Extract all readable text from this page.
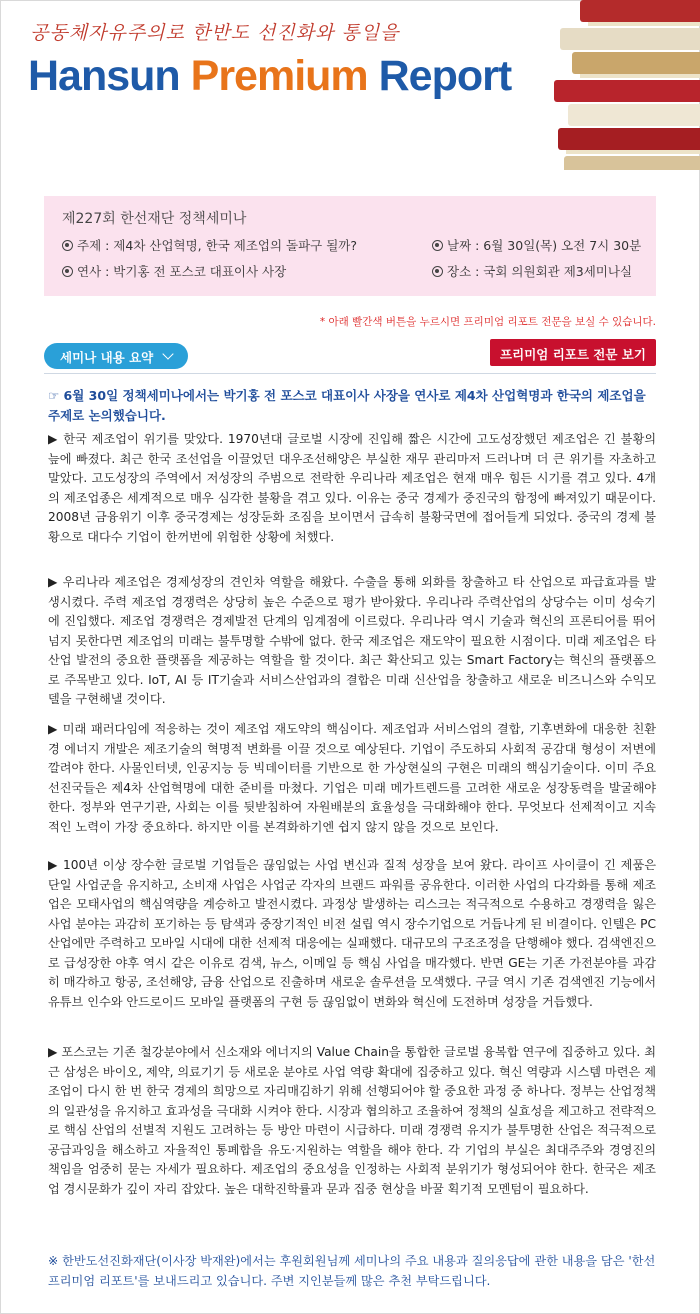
공동체자유주의로 한반도 선진화와 통일을
Hansun Premium Report
제227회 한선재단 정책세미나
주제 : 제4차 산업혁명, 한국 제조업의 돌파구 될까?
연사 : 박기홍 전 포스코 대표이사 사장
날짜 : 6월 30일(목) 오전 7시 30분
장소 : 국회 의원회관 제3세미나실
* 아래 빨간색 버튼을 누르시면 프리미엄 리포트 전문을 보실 수 있습니다.
세미나 내용 요약	프리미엄 리포트 전문 보기
☞ 6월 30일 정책세미나에서는 박기홍 전 포스코 대표이사 사장을 연사로 제4차 산업혁명과 한국의 제조업을 주제로 논의했습니다.
▶ 한국 제조업이 위기를 맞았다. 1970년대 글로벌 시장에 진입해 짧은 시간에 고도성장했던 제조업은 긴 불황의 늪에 빠졌다. 최근 한국 조선업을 이끌었던 대우조선해양은 부실한 재무 관리마저 드러나며 더 큰 위기를 자초하고 말았다. 고도성장의 주역에서 저성장의 주범으로 전락한 우리나라 제조업은 현재 매우 힘든 시기를 겪고 있다. 4개의 제조업종은 세계적으로 매우 심각한 불황을 겪고 있다. 이유는 중국 경제가 중진국의 함정에 빠져있기 때문이다. 2008년 금융위기 이후 중국경제는 성장둔화 조짐을 보이면서 급속히 불황국면에 접어들게 되었다. 중국의 경제 불황으로 대다수 기업이 한꺼번에 위험한 상황에 처했다.
▶ 우리나라 제조업은 경제성장의 견인차 역할을 해왔다. 수출을 통해 외화를 창출하고 타 산업으로 파급효과를 발생시켰다. 주력 제조업 경쟁력은 상당히 높은 수준으로 평가 받아왔다. 우리나라 주력산업의 상당수는 이미 성숙기에 진입했다. 제조업 경쟁력은 경제발전 단계의 임계점에 이르렀다. 우리나라 역시 기술과 혁신의 프론티어를 뛰어넘지 못한다면 제조업의 미래는 불투명할 수밖에 없다. 한국 제조업은 재도약이 필요한 시점이다. 미래 제조업은 타 산업 발전의 중요한 플랫폼을 제공하는 역할을 할 것이다. 최근 확산되고 있는 Smart Factory는 혁신의 플랫폼으로 주목받고 있다. IoT, AI 등 IT기술과 서비스산업과의 결합은 미래 신산업을 창출하고 새로운 비즈니스와 수익모델을 구현해낼 것이다.
▶ 미래 패러다임에 적응하는 것이 제조업 재도약의 핵심이다. 제조업과 서비스업의 결합, 기후변화에 대응한 친환경 에너지 개발은 제조기술의 혁명적 변화를 이끌 것으로 예상된다. 기업이 주도하되 사회적 공감대 형성이 저변에 깔려야 한다. 사물인터넷, 인공지능 등 빅데이터를 기반으로 한 가상현실의 구현은 미래의 핵심기술이다. 이미 주요 선진국들은 제4차 산업혁명에 대한 준비를 마쳤다. 기업은 미래 메가트렌드를 고려한 새로운 성장동력을 발굴해야 한다. 정부와 연구기관, 사회는 이를 뒷받침하여 자원배분의 효율성을 극대화해야 한다. 무엇보다 선제적이고 지속적인 노력이 가장 중요하다. 하지만 이를 본격화하기엔 쉽지 않지 않을 것으로 보인다.
▶ 100년 이상 장수한 글로벌 기업들은 끊임없는 사업 변신과 질적 성장을 보여 왔다. 라이프 사이클이 긴 제품은 단일 사업군을 유지하고, 소비재 사업은 사업군 각자의 브랜드 파워를 공유한다. 이러한 사업의 다각화를 통해 제조업은 모태사업의 핵심역량을 계승하고 발전시켰다. 과정상 발생하는 리스크는 적극적으로 수용하고 경쟁력을 잃은 사업 분야는 과감히 포기하는 등 탐색과 중장기적인 비전 설립 역시 장수기업으로 거듭나게 된 비결이다. 인텔은 PC산업에만 주력하고 모바일 시대에 대한 선제적 대응에는 실패했다. 대규모의 구조조정을 단행해야 했다. 검색엔진으로 급성장한 야후 역시 같은 이유로 검색, 뉴스, 이메일 등 핵심 사업을 매각했다. 반면 GE는 기존 가전분야를 과감히 매각하고 항공, 조선해양, 금융 산업으로 진출하며 새로운 솔루션을 모색했다. 구글 역시 기존 검색엔진 기능에서 유튜브 인수와 안드로이드 모바일 플랫폼의 구현 등 끊임없이 변화와 혁신에 도전하며 성장을 거듭했다.
▶ 포스코는 기존 철강분야에서 신소재와 에너지의 Value Chain을 통합한 글로벌 융복합 연구에 집중하고 있다. 최근 삼성은 바이오, 제약, 의료기기 등 새로운 분야로 사업 역량 확대에 집중하고 있다. 혁신 역량과 시스템 마련은 제조업이 다시 한 번 한국 경제의 희망으로 자리매김하기 위해 선행되어야 할 중요한 과정 중 하나다. 정부는 산업정책의 일관성을 유지하고 효과성을 극대화 시켜야 한다. 시장과 협의하고 조율하여 정책의 실효성을 제고하고 전략적으로 핵심 산업의 선별적 지원도 고려하는 등 방안 마련이 시급하다. 미래 경쟁력 유지가 불투명한 산업은 적극적으로 공급과잉을 해소하고 자율적인 통폐합을 유도·지원하는 역할을 해야 한다. 각 기업의 부실은 최대주주와 경영진의 책임을 엄중히 묻는 자세가 필요하다. 제조업의 중요성을 인정하는 사회적 분위기가 형성되어야 한다. 한국은 제조업 경시문화가 깊이 자리 잡았다. 높은 대학진학률과 문과 집중 현상을 바꿀 획기적 모멘텀이 필요하다.
※ 한반도선진화재단(이사장 박재완)에서는 후원회원님께 세미나의 주요 내용과 질의응답에 관한 내용을 담은 '한선 프리미엄 리포트'를 보내드리고 있습니다. 주변 지인분들께 많은 추천 부탁드립니다.
